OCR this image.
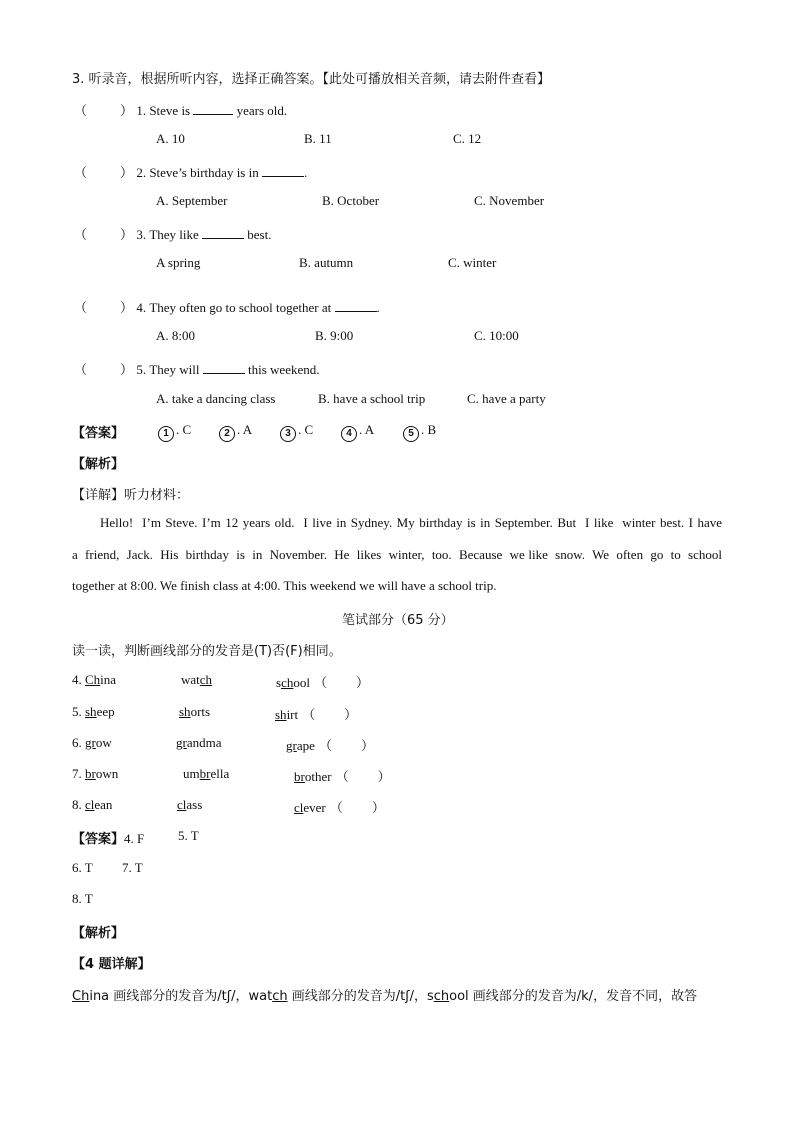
3. 听录音，根据所听内容，选择正确答案。【此处可播放相关音频，请去附件查看】
（        ） 1. Steve is	years old.
A. 10	B. 11	C. 12
（        ） 2. Steve’s birthday is in	.
A. September	B. October	C. November
（        ） 3. They like	best.
A spring	B. autumn	C. winter
（        ） 4. They often go to school together at	.
A. 8:00	B. 9:00	C. 10:00
（        ） 5. They will	this weekend.
A. take a dancing class	B. have a school trip	C. have a party
【答案】	1 . C	2 . A	3 . C	4 . A	5 . B
【解析】
【详解】听力材料：
Hello!  I’m Steve. I’m 12 years old.  I live in Sydney. My birthday is in September. But  I like  winter best. I have
a  friend,  Jack.  His  birthday  is  in  November.  He  likes  winter,  too.  Because  we like  snow.  We  often  go  to  school
together at 8:00. We finish class at 4:00. This weekend we will have a school trip.
笔试部分（65 分）
读一读，判断画线部分的发音是(T)否(F)相同。
4. China	watch	school （       ）
5. sheep	shorts	shirt （       ）
6. grow	grandma	grape （       ）
7. brown	umbrella	brother （       ）
8. clean	class	clever （       ）
【答案】4. F	5. T
6. T 7. T
8. T
【解析】
【4 题详解】
China 画线部分的发音为/tʃ/，watch 画线部分的发音为/tʃ/，school 画线部分的发音为/k/，发音不同，故答
